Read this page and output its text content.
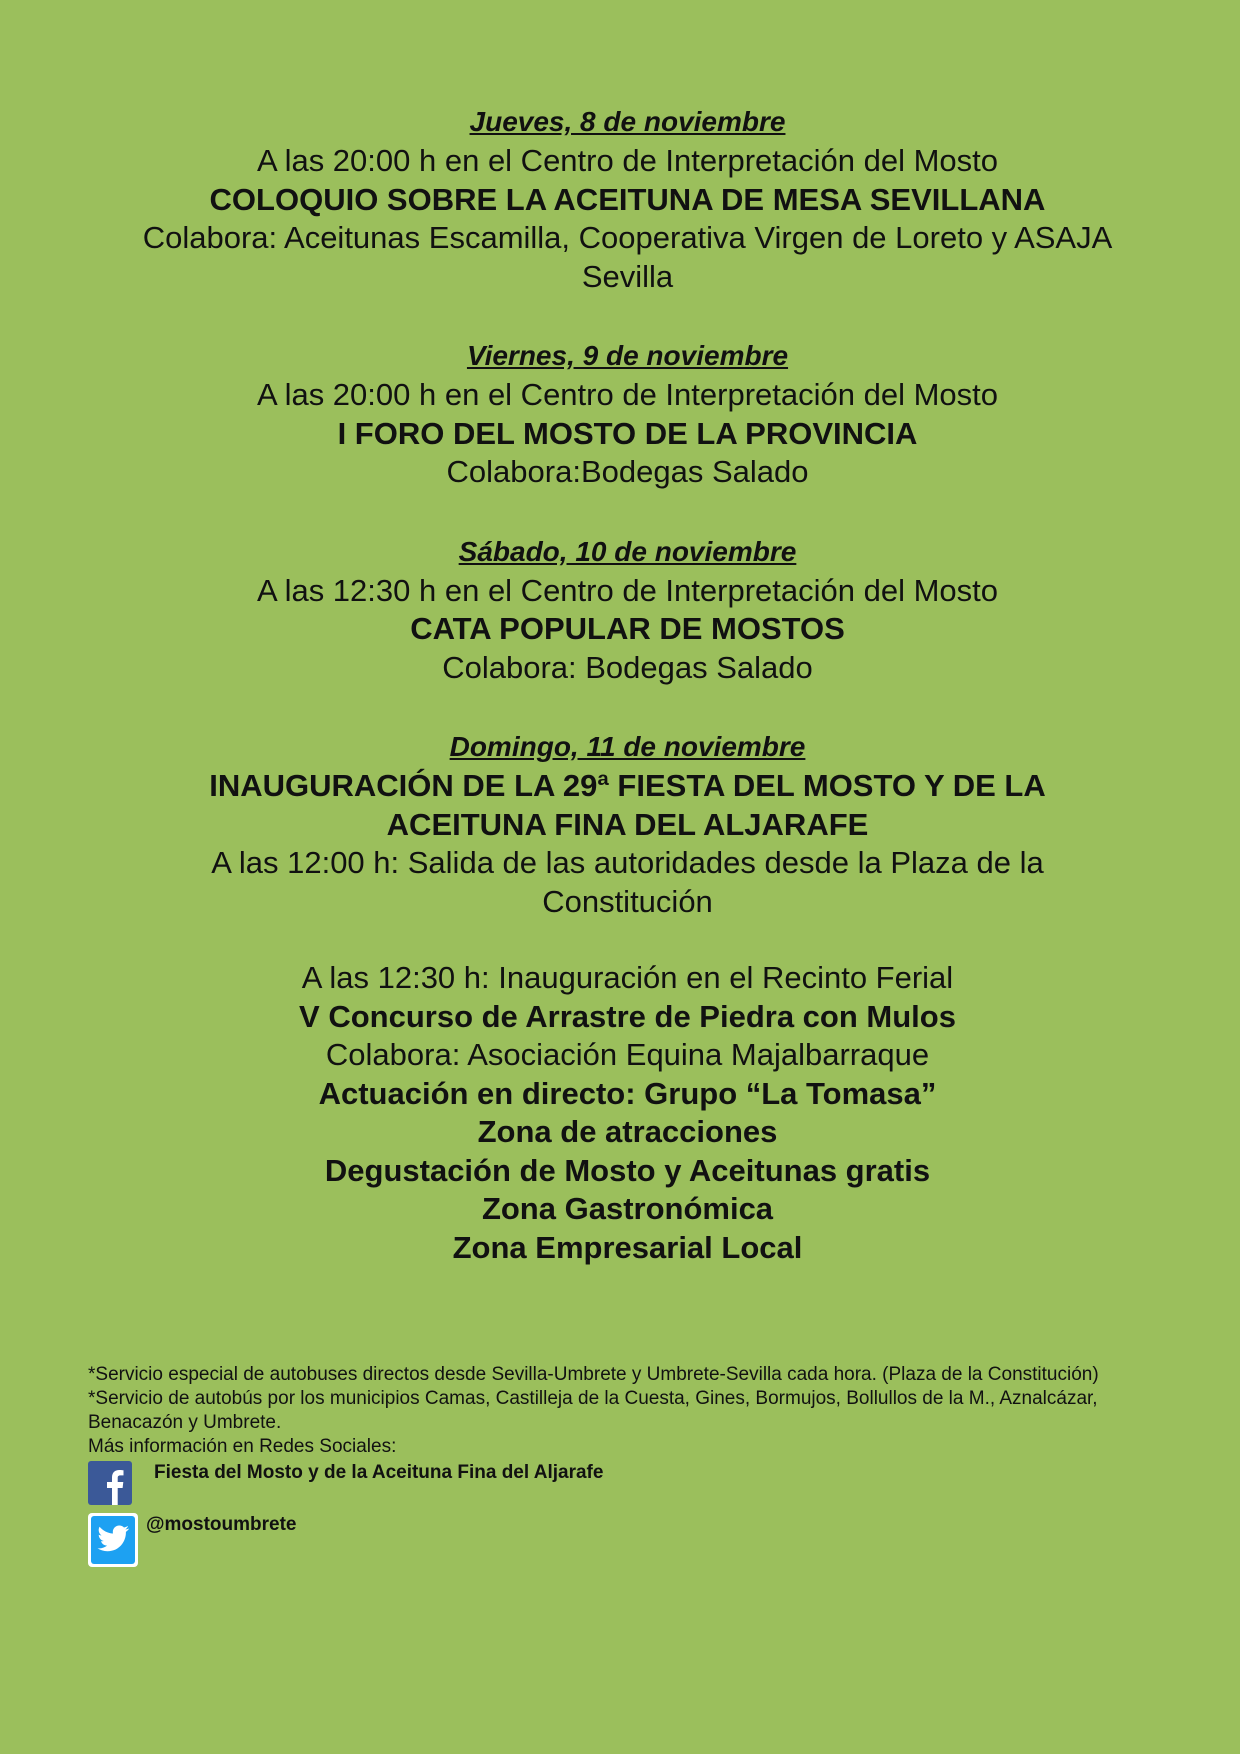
Jueves, 8 de noviembre
A las 20:00 h en el Centro de Interpretación del Mosto
COLOQUIO SOBRE LA ACEITUNA DE MESA SEVILLANA
Colabora: Aceitunas Escamilla, Cooperativa Virgen de Loreto y ASAJA
Sevilla
Viernes, 9 de noviembre
A las 20:00 h en el Centro de Interpretación del Mosto
I FORO DEL MOSTO DE LA PROVINCIA
Colabora:Bodegas Salado
Sábado, 10 de noviembre
A las 12:30 h en el Centro de Interpretación del Mosto
CATA POPULAR DE MOSTOS
Colabora: Bodegas Salado
Domingo, 11 de noviembre
INAUGURACIÓN DE LA 29ª FIESTA DEL MOSTO Y DE LA
ACEITUNA FINA DEL ALJARAFE
A las 12:00 h: Salida de las autoridades desde la Plaza de la
Constitución
A las 12:30 h: Inauguración en el Recinto Ferial
V Concurso de Arrastre de Piedra con Mulos
Colabora: Asociación Equina Majalbarraque
Actuación en directo: Grupo “La Tomasa”
Zona de atracciones
Degustación de Mosto y Aceitunas gratis
Zona Gastronómica
Zona Empresarial Local
*Servicio especial de autobuses directos desde Sevilla-Umbrete y Umbrete-Sevilla cada hora. (Plaza de la Constitución)
*Servicio de autobús por los municipios Camas, Castilleja de la Cuesta, Gines, Bormujos, Bollullos de la M., Aznalcázar, Benacazón y Umbrete.
Más información en Redes Sociales:
Fiesta del Mosto y de la Aceituna Fina del Aljarafe
@mostoumbrete
